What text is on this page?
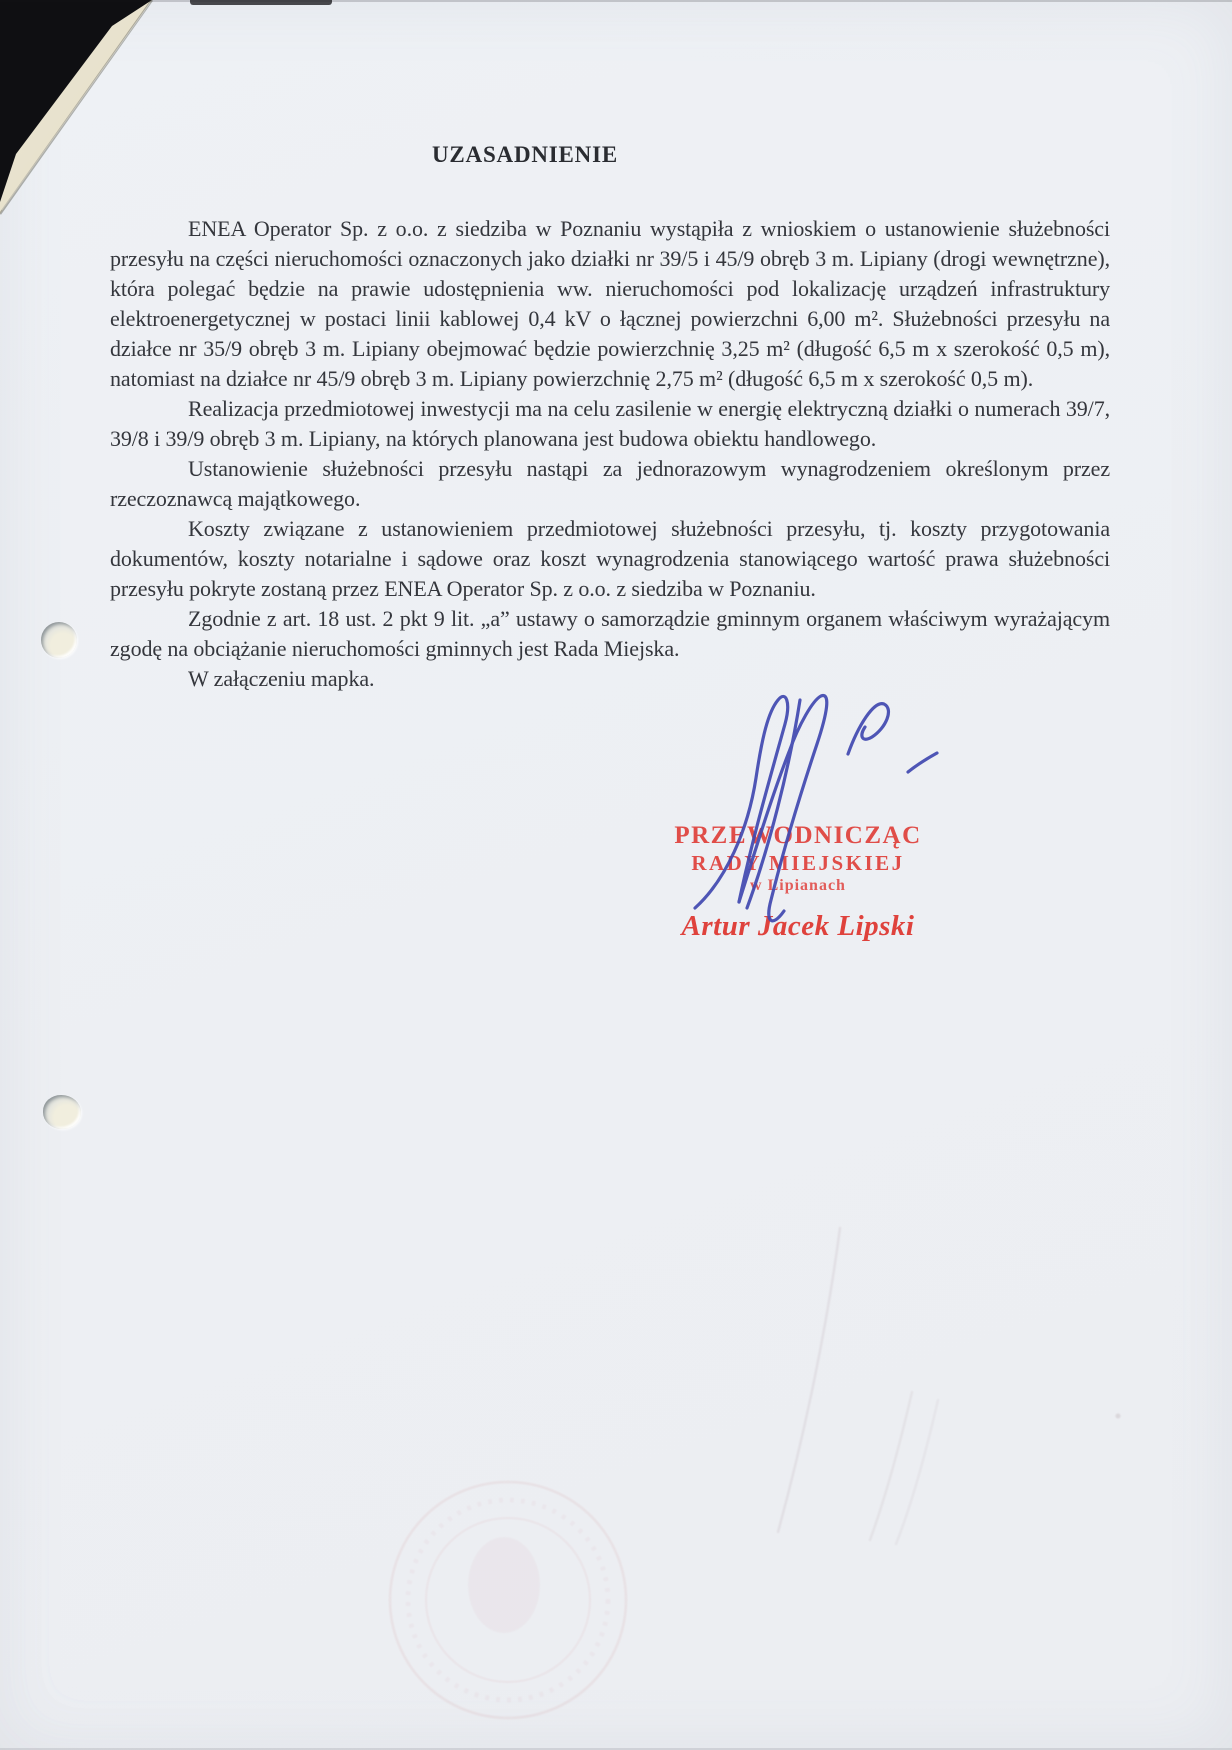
UZASADNIENIE

ENEA Operator Sp. z o.o. z siedziba w Poznaniu wystąpiła z wnioskiem o ustanowienie służebności przesyłu na części nieruchomości oznaczonych jako działki nr 39/5 i 45/9 obręb 3 m. Lipiany (drogi wewnętrzne), która polegać będzie na prawie udostępnienia ww. nieruchomości pod lokalizację urządzeń infrastruktury elektroenergetycznej w postaci linii kablowej 0,4 kV o łącznej powierzchni 6,00 m². Służebności przesyłu na działce nr 35/9 obręb 3 m. Lipiany obejmować będzie powierzchnię 3,25 m² (długość 6,5 m x szerokość 0,5 m), natomiast na działce nr 45/9 obręb 3 m. Lipiany powierzchnię 2,75 m² (długość 6,5 m x szerokość 0,5 m).

Realizacja przedmiotowej inwestycji ma na celu zasilenie w energię elektryczną działki o numerach 39/7, 39/8 i 39/9 obręb 3 m. Lipiany, na których planowana jest budowa obiektu handlowego.

Ustanowienie służebności przesyłu nastąpi za jednorazowym wynagrodzeniem określonym przez rzeczoznawcą majątkowego.

Koszty związane z ustanowieniem przedmiotowej służebności przesyłu, tj. koszty przygotowania dokumentów, koszty notarialne i sądowe oraz koszt wynagrodzenia stanowiącego wartość prawa służebności przesyłu pokryte zostaną przez ENEA Operator Sp. z o.o. z siedziba w Poznaniu.

Zgodnie z art. 18 ust. 2 pkt 9 lit. „a” ustawy o samorządzie gminnym organem właściwym wyrażającym zgodę na obciążanie nieruchomości gminnych jest Rada Miejska.

W załączeniu mapka.

PRZEWODNICZĄC
RADY MIEJSKIEJ
w Lipianach
Artur Jacek Lipski
